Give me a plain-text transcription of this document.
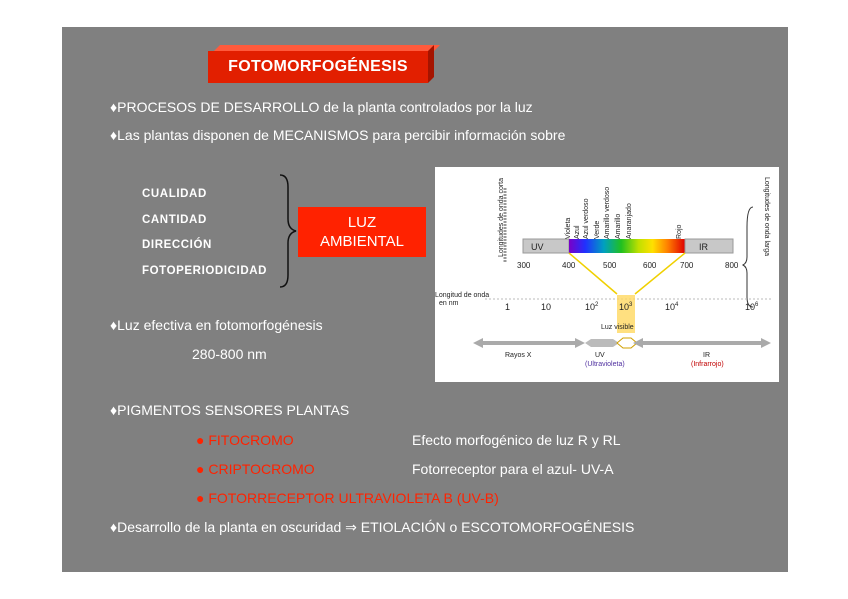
FOTOMORFOGÉNESIS
♦PROCESOS DE DESARROLLO de la planta controlados por la luz
♦Las plantas disponen de MECANISMOS para percibir información sobre
CUALIDAD
CANTIDAD
DIRECCIÓN
FOTOPERIODICIDAD
LUZ
AMBIENTAL	Longitudes de onda corta	Longitudes de onda larga
Violeta Azul Azul verdoso Verde Amarillo verdoso Amarillo Anaranjado	Rojo
UV	IR
300	400	500	600	700	800
Longitud de onda
en nm	1	10	$10^2$ $10^3$	$10^4$	$10^6$
Luz visible
Rayos X	UV
(Ultravioleta)
IR
(Infrarrojo)
♦Luz efectiva en fotomorfogénesis
280-800 nm
♦PIGMENTOS SENSORES PLANTAS
● FITOCROMO	Efecto morfogénico de luz R y RL
● CRIPTOCROMO	Fotorreceptor para el azul- UV-A
● FOTORRECEPTOR ULTRAVIOLETA B (UV-B)
♦Desarrollo de la planta en oscuridad ⇒ ETIOLACIÓN o ESCOTOMORFOGÉNESIS
